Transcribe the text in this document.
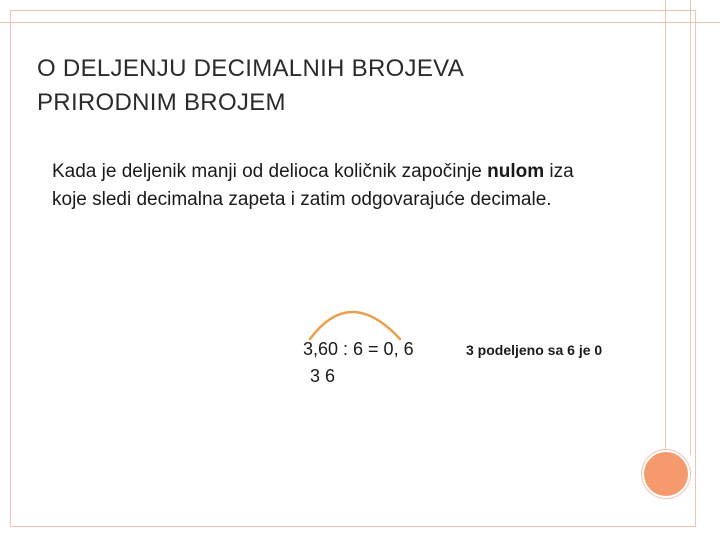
O DELJENJU DECIMALNIH BROJEVA
PRIRODNIM BROJEM
Kada je deljenik manji od delioca količnik započinje nulom iza koje sledi decimalna zapeta i zatim odgovarajuće decimale.
3,60 : 6 = 0, 6
3 6
3 podeljeno sa 6 je 0
